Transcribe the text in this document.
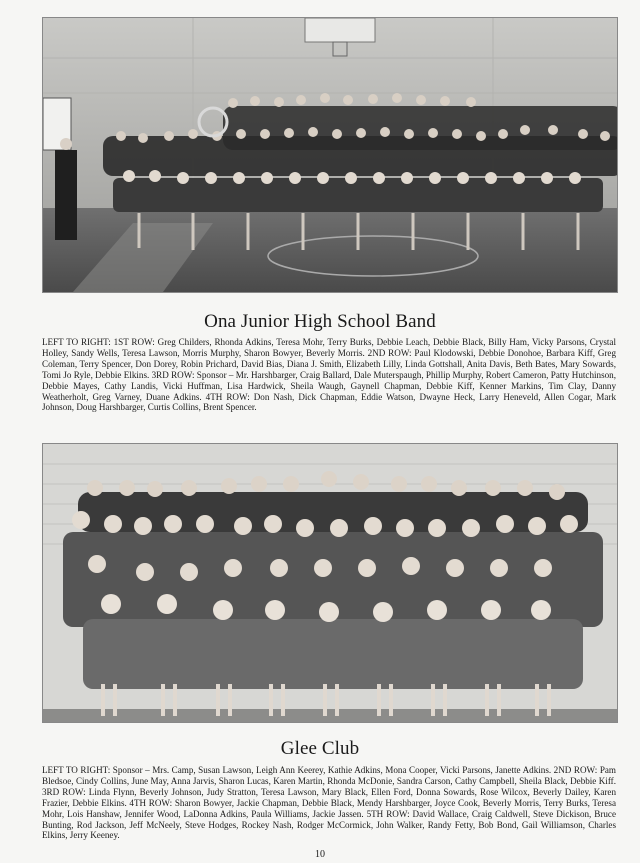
Ona Junior High School Band

LEFT TO RIGHT: 1ST ROW: Greg Childers, Rhonda Adkins, Teresa Mohr, Terry Burks, Debbie Leach, Debbie Black, Billy Ham, Vicky Parsons, Crystal Holley, Sandy Wells, Teresa Lawson, Morris Murphy, Sharon Bowyer, Beverly Morris. 2ND ROW: Paul Klodowski, Debbie Donohoe, Barbara Kiff, Greg Coleman, Terry Spencer, Don Dorey, Robin Prichard, David Bias, Diana J. Smith, Elizabeth Lilly, Linda Gottshall, Anita Davis, Beth Bates, Mary Sowards, Tomi Jo Ryle, Debbie Elkins. 3RD ROW: Sponsor – Mr. Harshbarger, Craig Ballard, Dale Muterspaugh, Phillip Murphy, Robert Cameron, Patty Hutchinson, Debbie Mayes, Cathy Landis, Vicki Huffman, Lisa Hardwick, Sheila Waugh, Gaynell Chapman, Debbie Kiff, Kenner Markins, Tim Clay, Danny Weatherholt, Greg Varney, Duane Adkins. 4TH ROW: Don Nash, Dick Chapman, Eddie Watson, Dwayne Heck, Larry Heneveld, Allen Cogar, Mark Johnson, Doug Harshbarger, Curtis Collins, Brent Spencer.

Glee Club

LEFT TO RIGHT: Sponsor – Mrs. Camp, Susan Lawson, Leigh Ann Keerey, Kathie Adkins, Mona Cooper, Vicki Parsons, Janette Adkins. 2ND ROW: Pam Bledsoe, Cindy Collins, June May, Anna Jarvis, Sharon Lucas, Karen Martin, Rhonda McDonie, Sandra Carson, Cathy Campbell, Sheila Black, Debbie Kiff. 3RD ROW: Linda Flynn, Beverly Johnson, Judy Stratton, Teresa Lawson, Mary Black, Ellen Ford, Donna Sowards, Rose Wilcox, Beverly Dailey, Karen Frazier, Debbie Elkins. 4TH ROW: Sharon Bowyer, Jackie Chapman, Debbie Black, Mendy Harshbarger, Joyce Cook, Beverly Morris, Terry Burks, Teresa Mohr, Lois Hanshaw, Jennifer Wood, LaDonna Adkins, Paula Williams, Jackie Jassen. 5TH ROW: David Wallace, Craig Caldwell, Steve Dickison, Bruce Bunting, Rod Jackson, Jeff McNeely, Steve Hodges, Rockey Nash, Rodger McCormick, John Walker, Randy Fetty, Bob Bond, Gail Williamson, Charles Elkins, Jerry Keeney.

10
